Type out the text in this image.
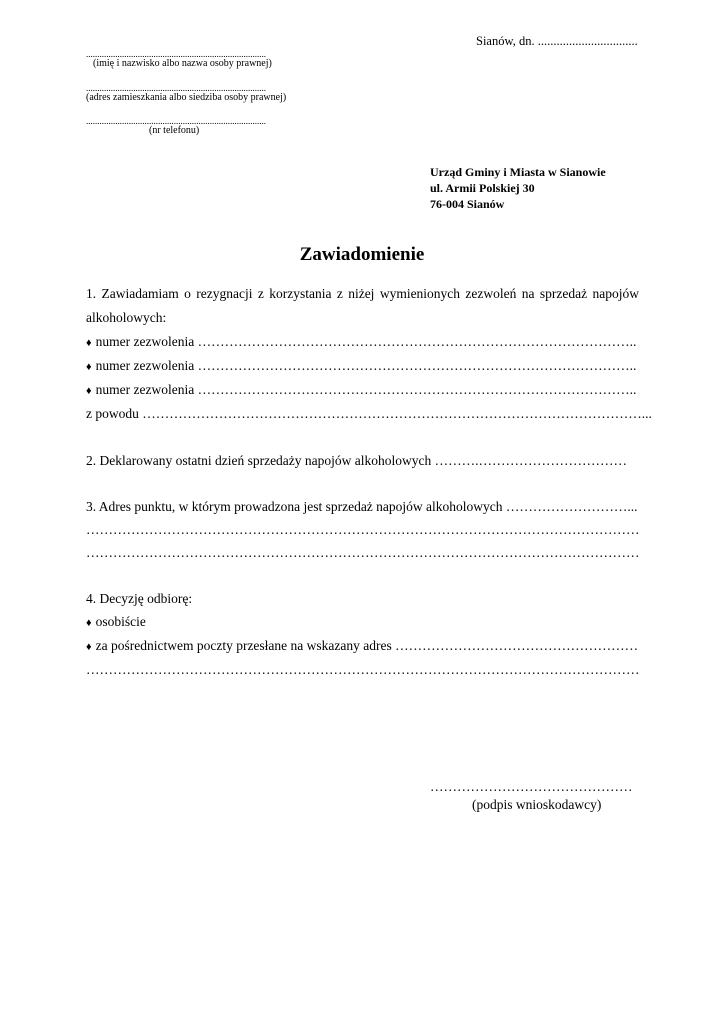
Sianów, dn. ................................
................................................................................
(imię i nazwisko albo nazwa osoby prawnej)
................................................................................
(adres zamieszkania albo siedziba osoby prawnej)
................................................................................
(nr telefonu)
Urząd Gminy i Miasta w Sianowie
ul. Armii Polskiej 30
76-004 Sianów
Zawiadomienie
1. Zawiadamiam o rezygnacji z korzystania z niżej wymienionych zezwoleń na sprzedaż napojów
alkoholowych:
♦ numer zezwolenia ……………………………………………………………………………………..
♦ numer zezwolenia ……………………………………………………………………………………..
♦ numer zezwolenia ……………………………………………………………………………………..
z powodu …………………………………………………………………………………………………...
2. Deklarowany ostatni dzień sprzedaży napojów alkoholowych ……….……………………………
3. Adres punktu, w którym prowadzona jest sprzedaż napojów alkoholowych ………………………...
……………………………………………………………………………………………………………
……………………………………………………………………………………………………………
4. Decyzję odbiorę:
♦ osobiście
♦ za pośrednictwem poczty przesłane na wskazany adres ………………………………………………
……………………………………………………………………………………………………………
………………………………………
(podpis wnioskodawcy)
